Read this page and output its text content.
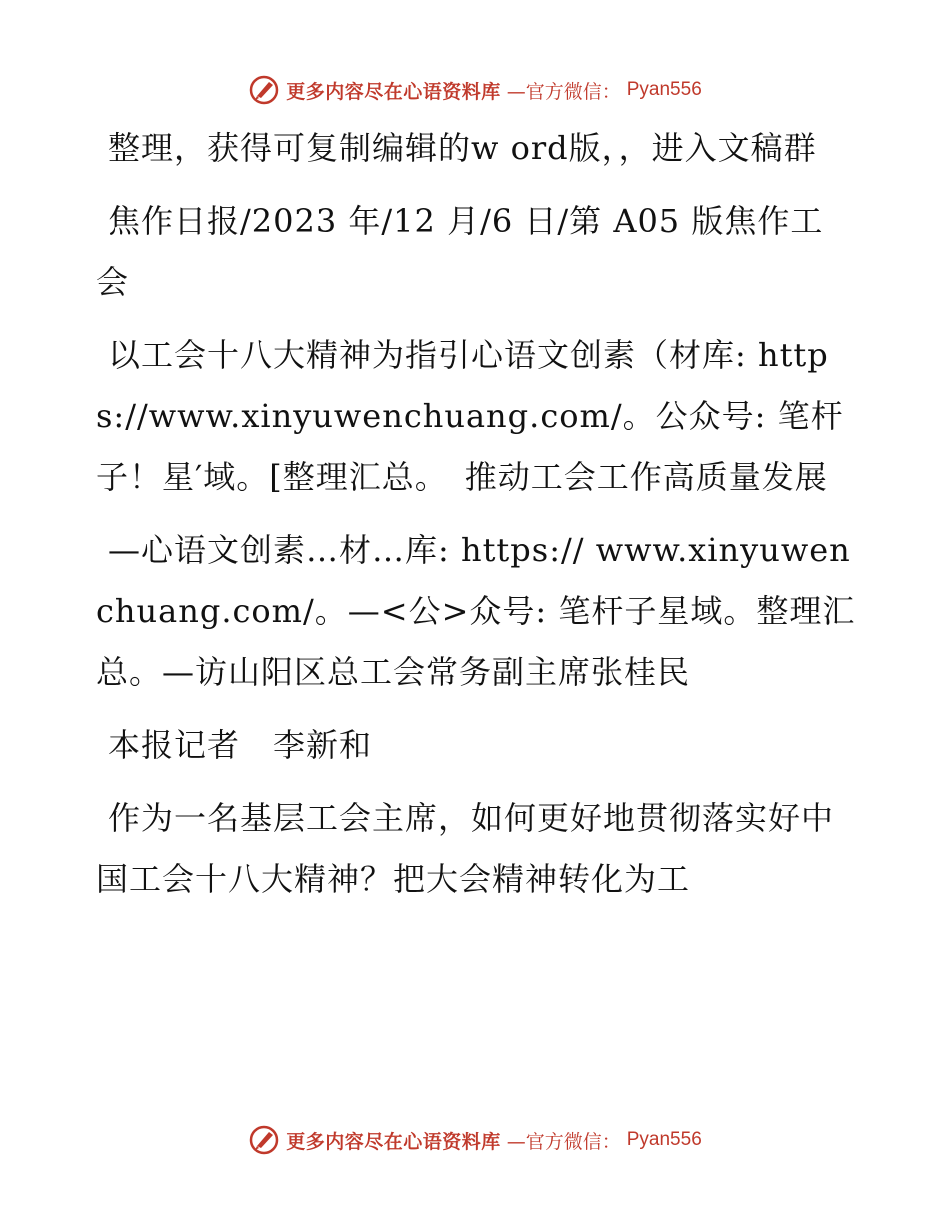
更多内容尽在心语资料库 —官方微信： Pyan556

整理，获得可复制编辑的w ord版，，进入文稿群

焦作日报/2023 年/12 月/6 日/第 A05 版焦作工会

以工会十八大精神为指引心语文创素（材库: https://www.xinyuwenchuang.com/。公众号: 笔杆子！星′域。[整理汇总。　推动工会工作高质量发展

—心语文创素…材…库: https:// www.xinyuwenchuang.com/。—<公>众号: 笔杆子星域。整理汇总。—访山阳区总工会常务副主席张桂民

本报记者　李新和

作为一名基层工会主席，如何更好地贯彻落实好中国工会十八大精神？把大会精神转化为工

更多内容尽在心语资料库 —官方微信： Pyan556
